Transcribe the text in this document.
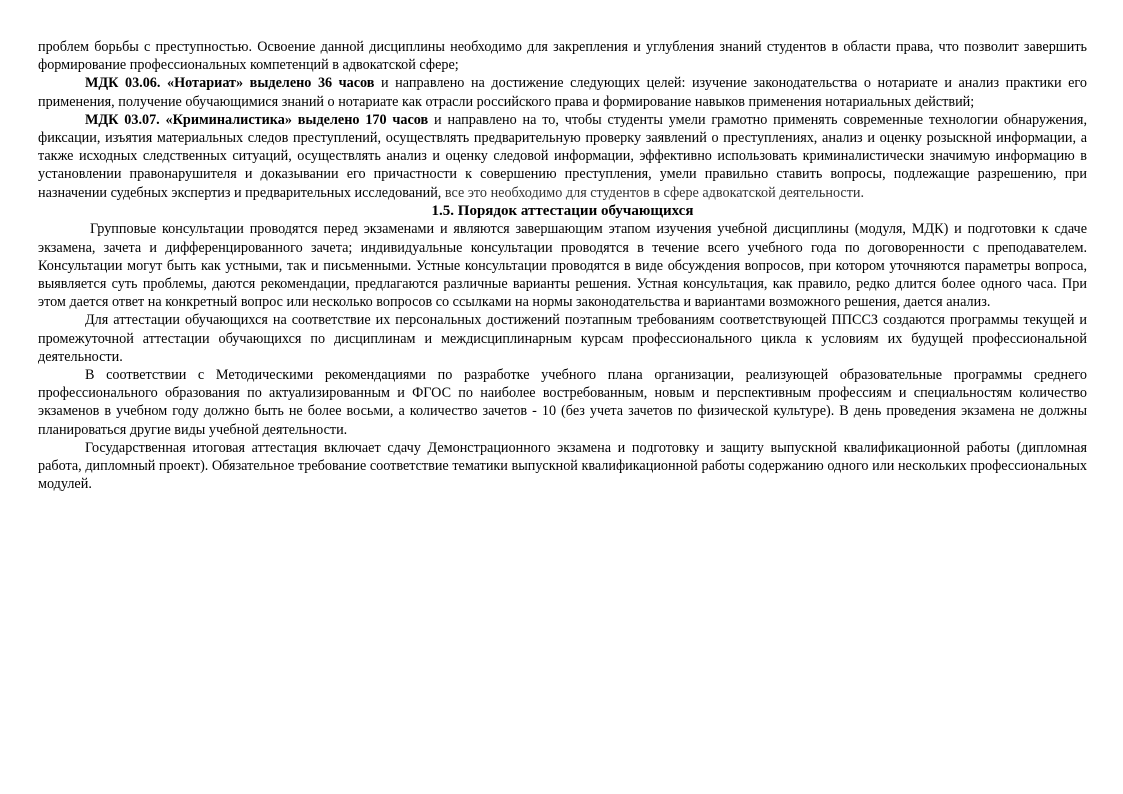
проблем борьбы с преступностью. Освоение данной дисциплины необходимо для закрепления и углубления знаний студентов в области права, что позволит завершить формирование профессиональных компетенций в адвокатской сфере;

МДК 03.06. «Нотариат» выделено 36 часов и направлено на достижение следующих целей: изучение законодательства о нотариате и анализ практики его применения, получение обучающимися знаний о нотариате как отрасли российского права и формирование навыков применения нотариальных действий;

МДК 03.07. «Криминалистика» выделено 170 часов и направлено на то, чтобы студенты умели грамотно применять современные технологии обнаружения, фиксации, изъятия материальных следов преступлений, осуществлять предварительную проверку заявлений о преступлениях, анализ и оценку розыскной информации, а также исходных следственных ситуаций, осуществлять анализ и оценку следовой информации, эффективно использовать криминалистически значимую информацию в установлении правонарушителя и доказывании его причастности к совершению преступления, умели правильно ставить вопросы, подлежащие разрешению, при назначении судебных экспертиз и предварительных исследований, все это необходимо для студентов в сфере адвокатской деятельности.

1.5. Порядок аттестации обучающихся

Групповые консультации проводятся перед экзаменами и являются завершающим этапом изучения учебной дисциплины (модуля, МДК) и подготовки к сдаче экзамена, зачета и дифференцированного зачета; индивидуальные консультации проводятся в течение всего учебного года по договоренности с преподавателем. Консультации могут быть как устными, так и письменными. Устные консультации проводятся в виде обсуждения вопросов, при котором уточняются параметры вопроса, выявляется суть проблемы, даются рекомендации, предлагаются различные варианты решения. Устная консультация, как правило, редко длится более одного часа. При этом дается ответ на конкретный вопрос или несколько вопросов со ссылками на нормы законодательства и вариантами возможного решения, дается анализ.

Для аттестации обучающихся на соответствие их персональных достижений поэтапным требованиям соответствующей ППССЗ создаются программы текущей и промежуточной аттестации обучающихся по дисциплинам и междисциплинарным курсам профессионального цикла к условиям их будущей профессиональной деятельности.

В соответствии с Методическими рекомендациями по разработке учебного плана организации, реализующей образовательные программы среднего профессионального образования по актуализированным и ФГОС по наиболее востребованным, новым и перспективным профессиям и специальностям количество экзаменов в учебном году должно быть не более восьми, а количество зачетов - 10 (без учета зачетов по физической культуре). В день проведения экзамена не должны планироваться другие виды учебной деятельности.

Государственная итоговая аттестация включает сдачу Демонстрационного экзамена и подготовку и защиту выпускной квалификационной работы (дипломная работа, дипломный проект). Обязательное требование соответствие тематики выпускной квалификационной работы содержанию одного или нескольких профессиональных модулей.
